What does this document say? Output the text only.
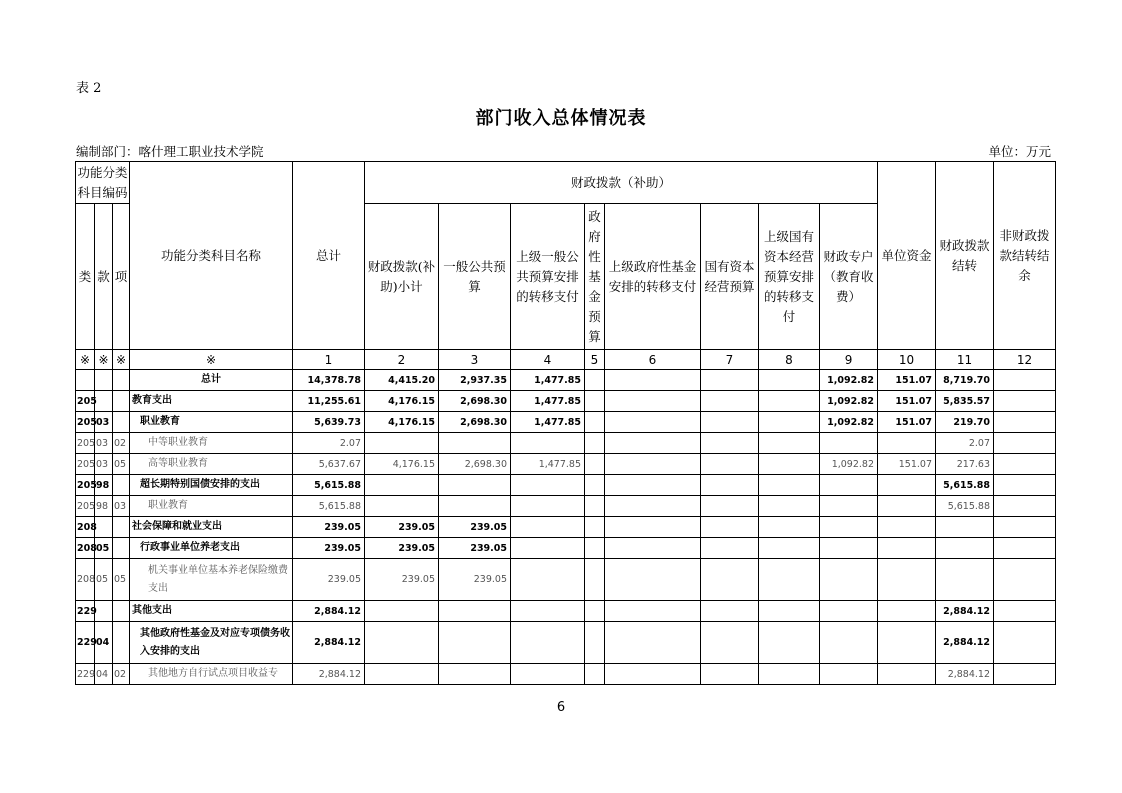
表 2
部门收入总体情况表
编制部门：喀什理工职业技术学院	单位：万元
功能分类科目编码			功能分类科目名称	总计	财政拨款（补助）								单位资金	财政拨款结转	非财政拨款结转结余
类	款	项			财政拨款(补助)小计	一般公共预算	上级一般公共预算安排的转移支付	政府性基金预算	上级政府性基金安排的转移支付	国有资本经营预算	上级国有资本经营预算安排的转移支付	财政专户（教育收费）			
※	※	※	※	1	2	3	4	5	6	7	8	9	10	11	12
			总计	14,378.78	4,415.20	2,937.35	1,477.85					1,092.82	151.07	8,719.70	
205			教育支出	11,255.61	4,176.15	2,698.30	1,477.85					1,092.82	151.07	5,835.57	
205	03		职业教育	5,639.73	4,176.15	2,698.30	1,477.85					1,092.82	151.07	219.70	
205	03	02	中等职业教育	2.07										2.07	
205	03	05	高等职业教育	5,637.67	4,176.15	2,698.30	1,477.85					1,092.82	151.07	217.63	
205	98		超长期特别国债安排的支出	5,615.88										5,615.88	
205	98	03	职业教育	5,615.88										5,615.88	
208			社会保障和就业支出	239.05	239.05	239.05									
208	05		行政事业单位养老支出	239.05	239.05	239.05									
208	05	05	机关事业单位基本养老保险缴费支出	239.05	239.05	239.05									
229			其他支出	2,884.12										2,884.12	
229	04		其他政府性基金及对应专项债务收入安排的支出	2,884.12										2,884.12	
229	04	02	其他地方自行试点项目收益专	2,884.12										2,884.12	
6
